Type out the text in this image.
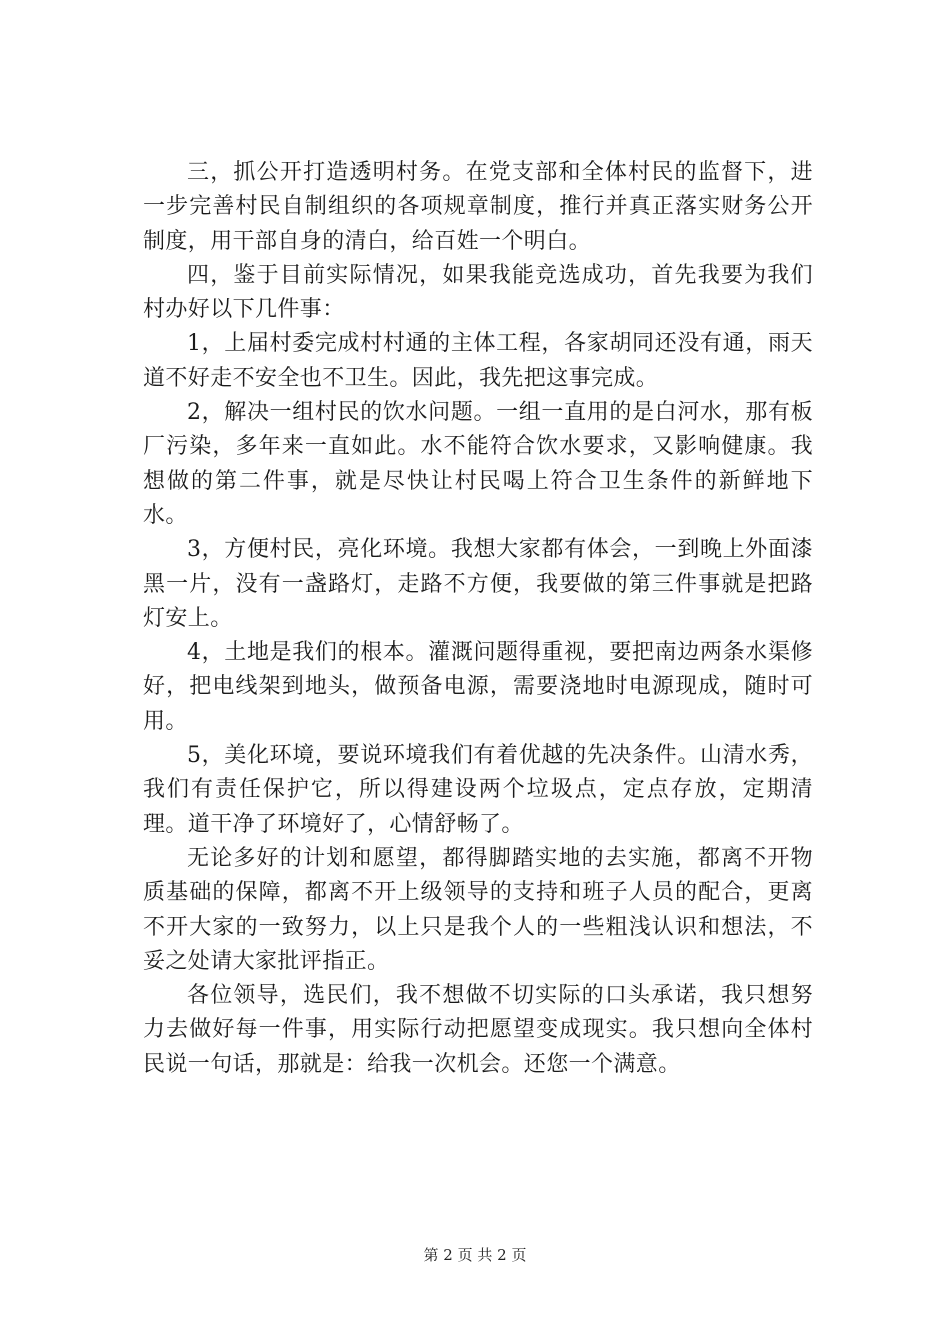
三，抓公开打造透明村务。在党支部和全体村民的监督下，进一步完善村民自制组织的各项规章制度，推行并真正落实财务公开制度，用干部自身的清白，给百姓一个明白。

四，鉴于目前实际情况，如果我能竞选成功，首先我要为我们村办好以下几件事：

1，上届村委完成村村通的主体工程，各家胡同还没有通，雨天道不好走不安全也不卫生。因此，我先把这事完成。

2，解决一组村民的饮水问题。一组一直用的是白河水，那有板厂污染，多年来一直如此。水不能符合饮水要求，又影响健康。我想做的第二件事，就是尽快让村民喝上符合卫生条件的新鲜地下水。

3，方便村民，亮化环境。我想大家都有体会，一到晚上外面漆黑一片，没有一盏路灯，走路不方便，我要做的第三件事就是把路灯安上。

4，土地是我们的根本。灌溉问题得重视，要把南边两条水渠修好，把电线架到地头，做预备电源，需要浇地时电源现成，随时可用。

5，美化环境，要说环境我们有着优越的先决条件。山清水秀，我们有责任保护它，所以得建设两个垃圾点，定点存放，定期清理。道干净了环境好了，心情舒畅了。

无论多好的计划和愿望，都得脚踏实地的去实施，都离不开物质基础的保障，都离不开上级领导的支持和班子人员的配合，更离不开大家的一致努力，以上只是我个人的一些粗浅认识和想法，不妥之处请大家批评指正。

各位领导，选民们，我不想做不切实际的口头承诺，我只想努力去做好每一件事，用实际行动把愿望变成现实。我只想向全体村民说一句话，那就是：给我一次机会。还您一个满意。

第 2 页 共 2 页
